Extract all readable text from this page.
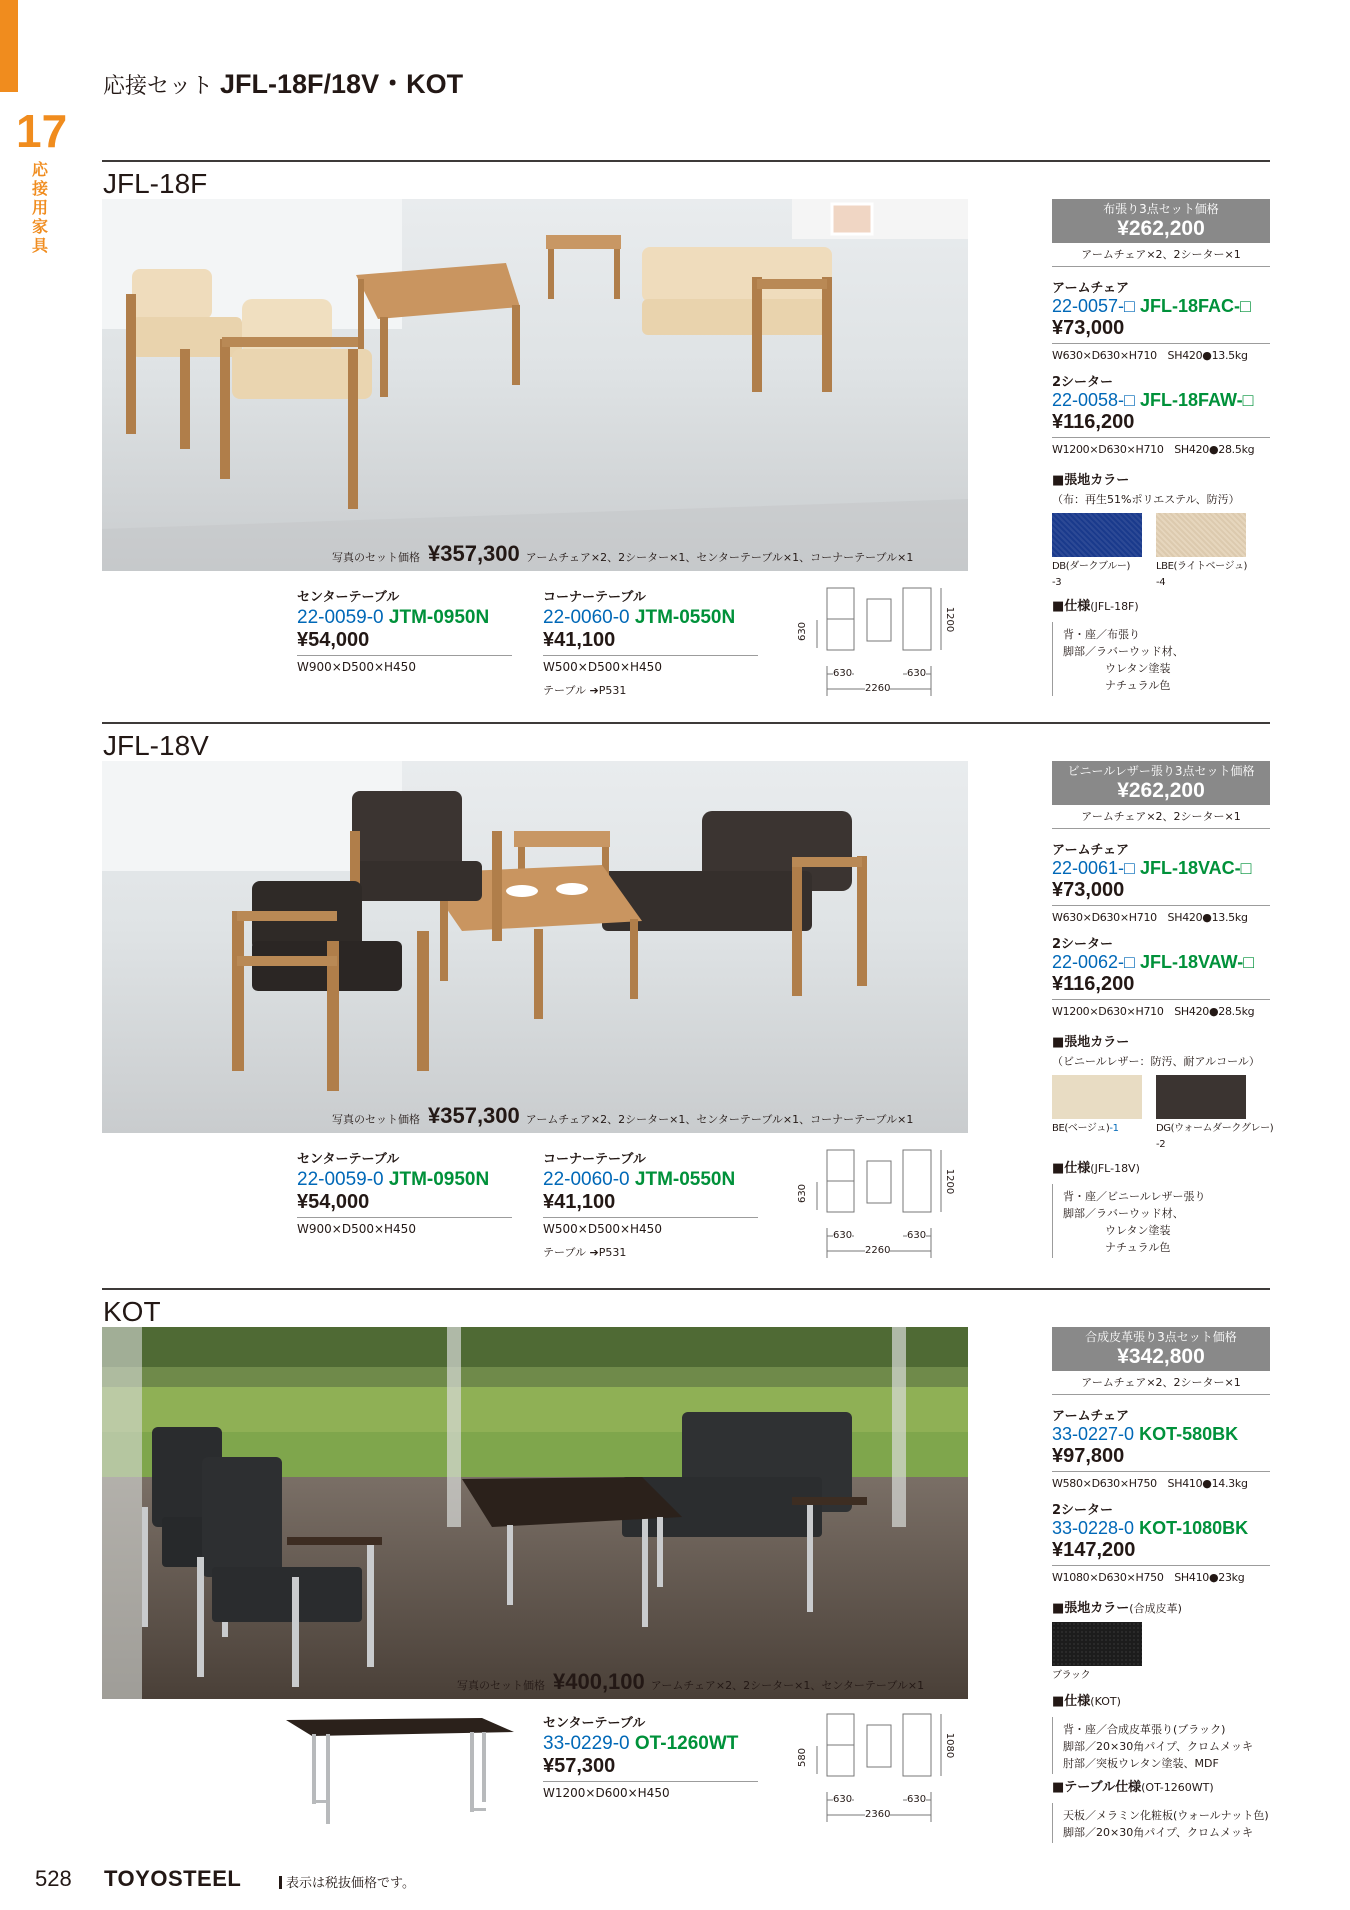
17
応接用家具
応接セット JFL-18F/18V・KOT
JFL-18F
写真のセット価格 ¥357,300 アームチェア×2、2シーター×1、センターテーブル×1、コーナーテーブル×1
センターテーブル
22-0059-0 JTM-0950N
¥54,000
W900×D500×H450
コーナーテーブル
22-0060-0 JTM-0550N
¥41,100
W500×D500×H450
テーブル ➔P531
630	1200
630	630
2260
布張り3点セット価格
¥262,200
アームチェア×2、2シーター×1
アームチェア
22-0057-□ JFL-18FAC-□
¥73,000
W630×D630×H710　SH420●13.5kg
2シーター
22-0058-□ JFL-18FAW-□
¥116,200
W1200×D630×H710　SH420●28.5kg
■張地カラー
（布：再生51%ポリエステル、防汚）
DB(ダークブルー)
-3
LBE(ライトベージュ)
-4
■仕様(JFL-18F)
背・座／布張り
脚部／ラバーウッド材、
ウレタン塗装
ナチュラル色
JFL-18V
写真のセット価格 ¥357,300 アームチェア×2、2シーター×1、センターテーブル×1、コーナーテーブル×1
センターテーブル
22-0059-0 JTM-0950N
¥54,000
W900×D500×H450
コーナーテーブル
22-0060-0 JTM-0550N
¥41,100
W500×D500×H450
テーブル ➔P531
630	1200
630	630
2260
ビニールレザー張り3点セット価格
¥262,200
アームチェア×2、2シーター×1
アームチェア
22-0061-□ JFL-18VAC-□
¥73,000
W630×D630×H710　SH420●13.5kg
2シーター
22-0062-□ JFL-18VAW-□
¥116,200
W1200×D630×H710　SH420●28.5kg
■張地カラー
（ビニールレザー：防汚、耐アルコール）
BE(ベージュ)-1	DG(ウォームダークグレー)
-2
■仕様(JFL-18V)
背・座／ビニールレザー張り
脚部／ラバーウッド材、
ウレタン塗装
ナチュラル色
KOT
写真のセット価格 ¥400,100 アームチェア×2、2シーター×1、センターテーブル×1
センターテーブル
33-0229-0 OT-1260WT
¥57,300
W1200×D600×H450
580	1080
630	630
2360
合成皮革張り3点セット価格
¥342,800
アームチェア×2、2シーター×1
アームチェア
33-0227-0 KOT-580BK
¥97,800
W580×D630×H750　SH410●14.3kg
2シーター
33-0228-0 KOT-1080BK
¥147,200
W1080×D630×H750　SH410●23kg
■張地カラー(合成皮革)
ブラック
■仕様(KOT)
背・座／合成皮革張り(ブラック)
脚部／20×30角パイプ、クロムメッキ
肘部／突板ウレタン塗装、MDF
■テーブル仕様(OT-1260WT)
天板／メラミン化粧板(ウォールナット色)
脚部／20×30角パイプ、クロムメッキ
528 TOYOSTEEL	表示は税抜価格です。
